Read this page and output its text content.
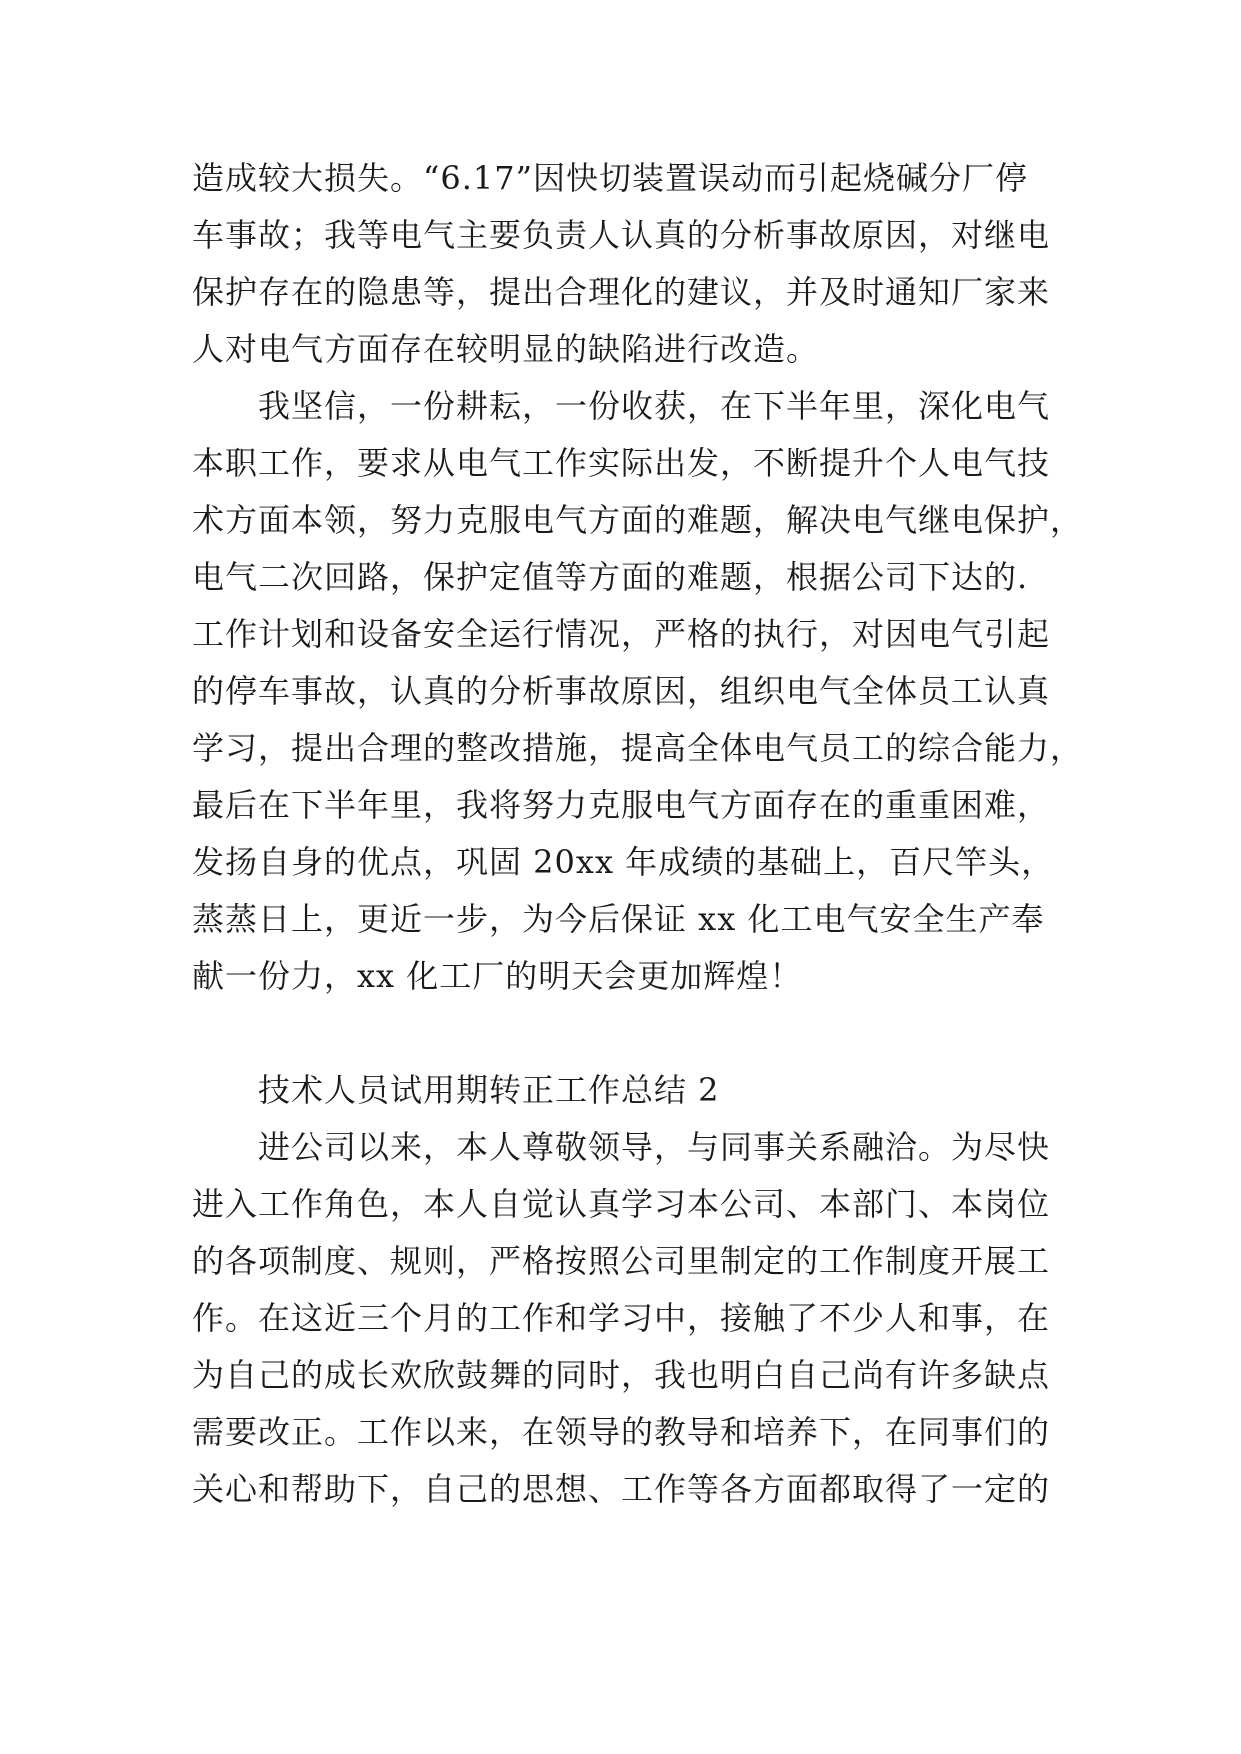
造成较大损失。“6.17”因快切装置误动而引起烧碱分厂停
车事故；我等电气主要负责人认真的分析事故原因，对继电
保护存在的隐患等，提出合理化的建议，并及时通知厂家来
人对电气方面存在较明显的缺陷进行改造。
我坚信，一份耕耘，一份收获，在下半年里，深化电气
本职工作，要求从电气工作实际出发，不断提升个人电气技
术方面本领，努力克服电气方面的难题，解决电气继电保护，
电气二次回路，保护定值等方面的难题，根据公司下达的.
工作计划和设备安全运行情况，严格的执行，对因电气引起
的停车事故，认真的分析事故原因，组织电气全体员工认真
学习，提出合理的整改措施，提高全体电气员工的综合能力，
最后在下半年里，我将努力克服电气方面存在的重重困难，
发扬自身的优点，巩固 20xx 年成绩的基础上，百尺竿头，
蒸蒸日上，更近一步，为今后保证 xx 化工电气安全生产奉
献一份力，xx 化工厂的明天会更加辉煌！
技术人员试用期转正工作总结 2
进公司以来，本人尊敬领导，与同事关系融洽。为尽快
进入工作角色，本人自觉认真学习本公司、本部门、本岗位
的各项制度、规则，严格按照公司里制定的工作制度开展工
作。在这近三个月的工作和学习中，接触了不少人和事，在
为自己的成长欢欣鼓舞的同时，我也明白自己尚有许多缺点
需要改正。工作以来，在领导的教导和培养下，在同事们的
关心和帮助下，自己的思想、工作等各方面都取得了一定的
